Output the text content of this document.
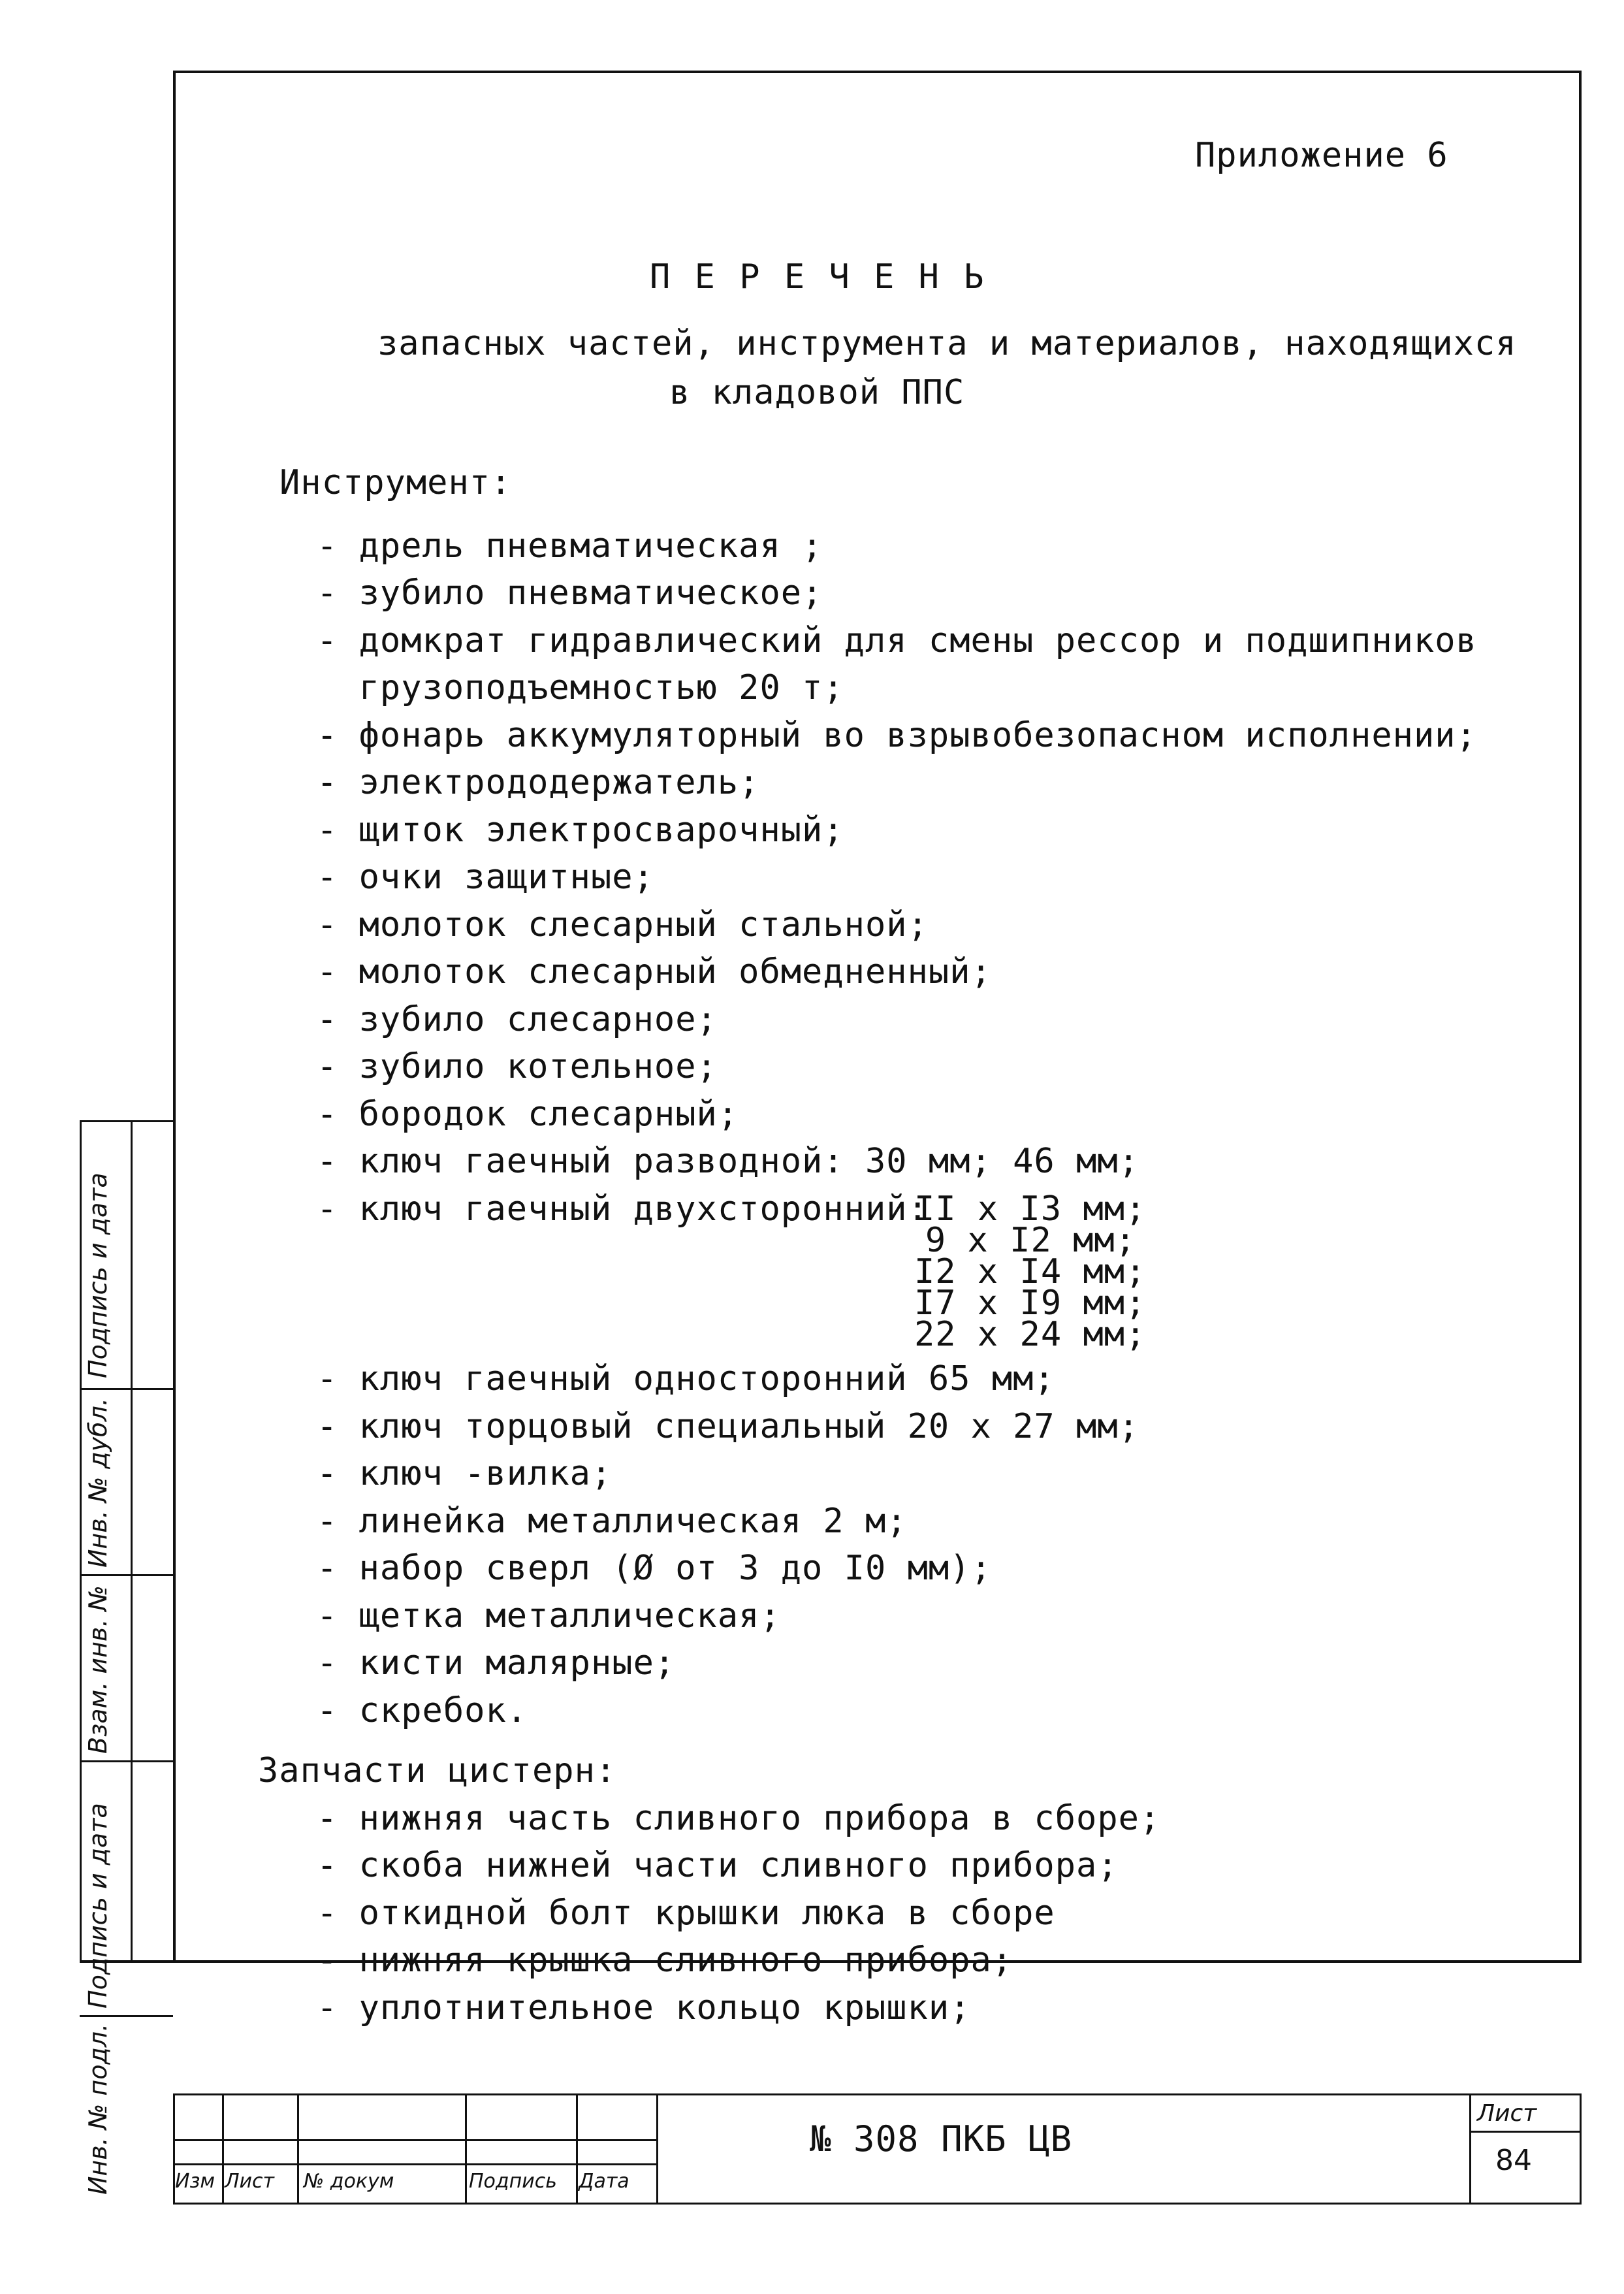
Подпись и дата
Инв. № дубл.
Взам. инв. №
Подпись и дата
Инв. № подл.
Приложение 6
П Е Р Е Ч Е Н Ь
запасных частей, инструмента и материалов, находящихся
в кладовой ППС
Инструмент:
- дрель пневматическая ;
- зубило пневматическое;
- домкрат гидравлический для смены рессор и подшипников
грузоподъемностью 20 т;
- фонарь аккумуляторный во взрывобезопасном исполнении;
- электрододержатель;
- щиток электросварочный;
- очки защитные;
- молоток слесарный стальной;
- молоток слесарный обмедненный;
- зубило слесарное;
- зубило котельное;
- бородок слесарный;
- ключ гаечный разводной: 30 мм; 46 мм;
- ключ гаечный двухсторонний:
II x I3 мм;
9 x I2 мм;
I2 x I4 мм;
I7 x I9 мм;
22 x 24 мм;
- ключ гаечный односторонний 65 мм;
- ключ торцовый специальный 20 x 27 мм;
- ключ -вилка;
- линейка металлическая 2 м;
- набор сверл (Ø от 3 до I0 мм);
- щетка металлическая;
- кисти малярные;
- скребок.
Запчасти цистерн:
- нижняя часть сливного прибора в сборе;
- скоба нижней части сливного прибора;
- откидной болт крышки люка в сборе
- нижняя крышка сливного прибора;
- уплотнительное кольцо крышки;
Изм Лист № докум	Подпись Дата
№ 308 ПКБ ЦВ
Лист
84
